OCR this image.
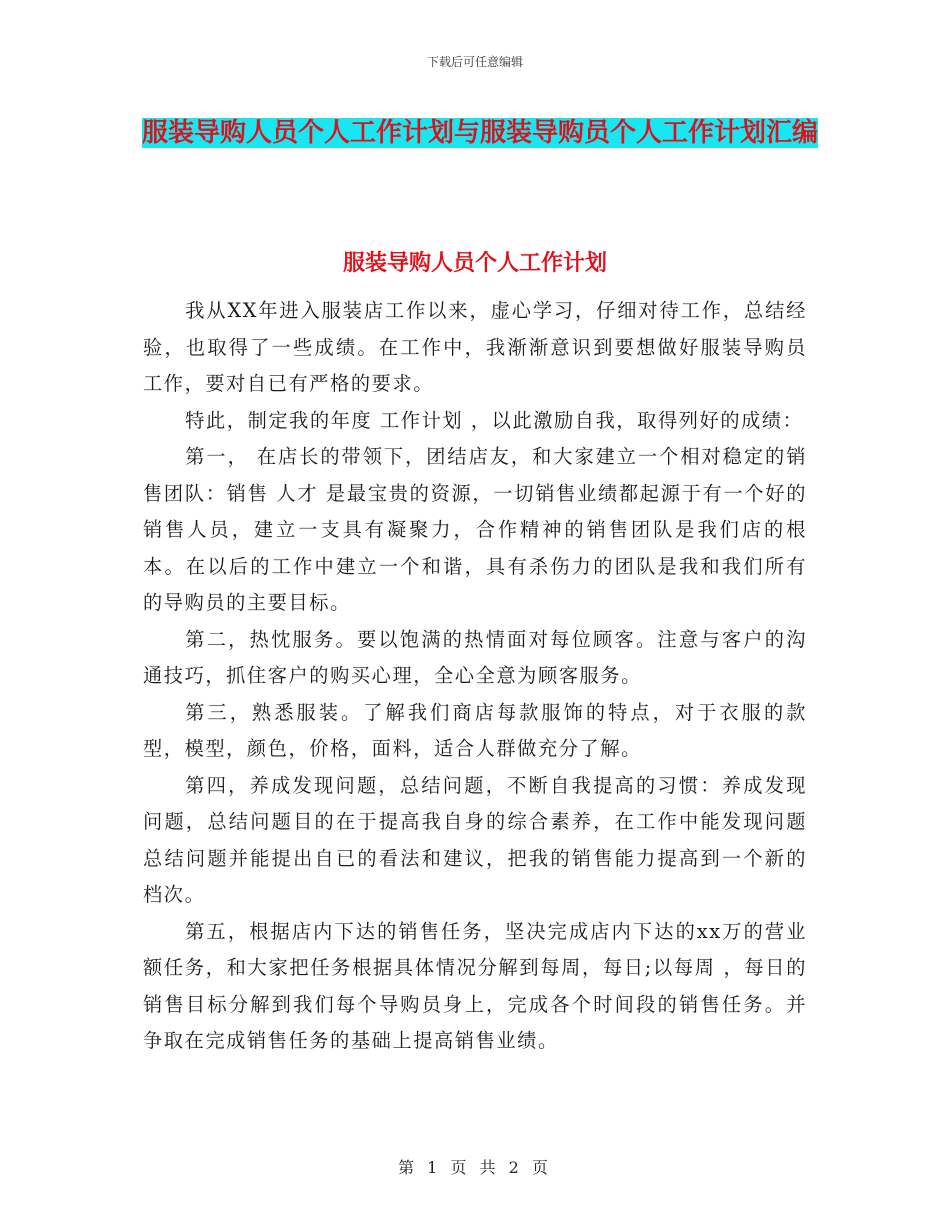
下载后可任意编辑
服装导购人员个人工作计划与服装导购员个人工作计划汇编
服装导购人员个人工作计划

我从XX年进入服装店工作以来，虚心学习，仔细对待工作，总结经验，也取得了一些成绩。在工作中，我渐渐意识到要想做好服装导购员工作，要对自已有严格的要求。

特此，制定我的年度 工作计划 ，以此激励自我，取得列好的成绩：

第一， 在店长的带领下，团结店友，和大家建立一个相对稳定的销售团队：销售 人才 是最宝贵的资源，一切销售业绩都起源于有一个好的销售人员，建立一支具有凝聚力，合作精神的销售团队是我们店的根本。在以后的工作中建立一个和谐，具有杀伤力的团队是我和我们所有的导购员的主要目标。

第二，热忱服务。要以饱满的热情面对每位顾客。注意与客户的沟通技巧，抓住客户的购买心理，全心全意为顾客服务。

第三，熟悉服装。了解我们商店每款服饰的特点，对于衣服的款型，模型，颜色，价格，面料，适合人群做充分了解。

第四，养成发现问题，总结问题，不断自我提高的习惯：养成发现问题，总结问题目的在于提高我自身的综合素养，在工作中能发现问题总结问题并能提出自已的看法和建议，把我的销售能力提高到一个新的档次。

第五，根据店内下达的销售任务，坚决完成店内下达的xx万的营业额任务，和大家把任务根据具体情况分解到每周，每日;以每周 ，每日的销售目标分解到我们每个导购员身上，完成各个时间段的销售任务。并争取在完成销售任务的基础上提高销售业绩。

第 1 页 共 2 页
